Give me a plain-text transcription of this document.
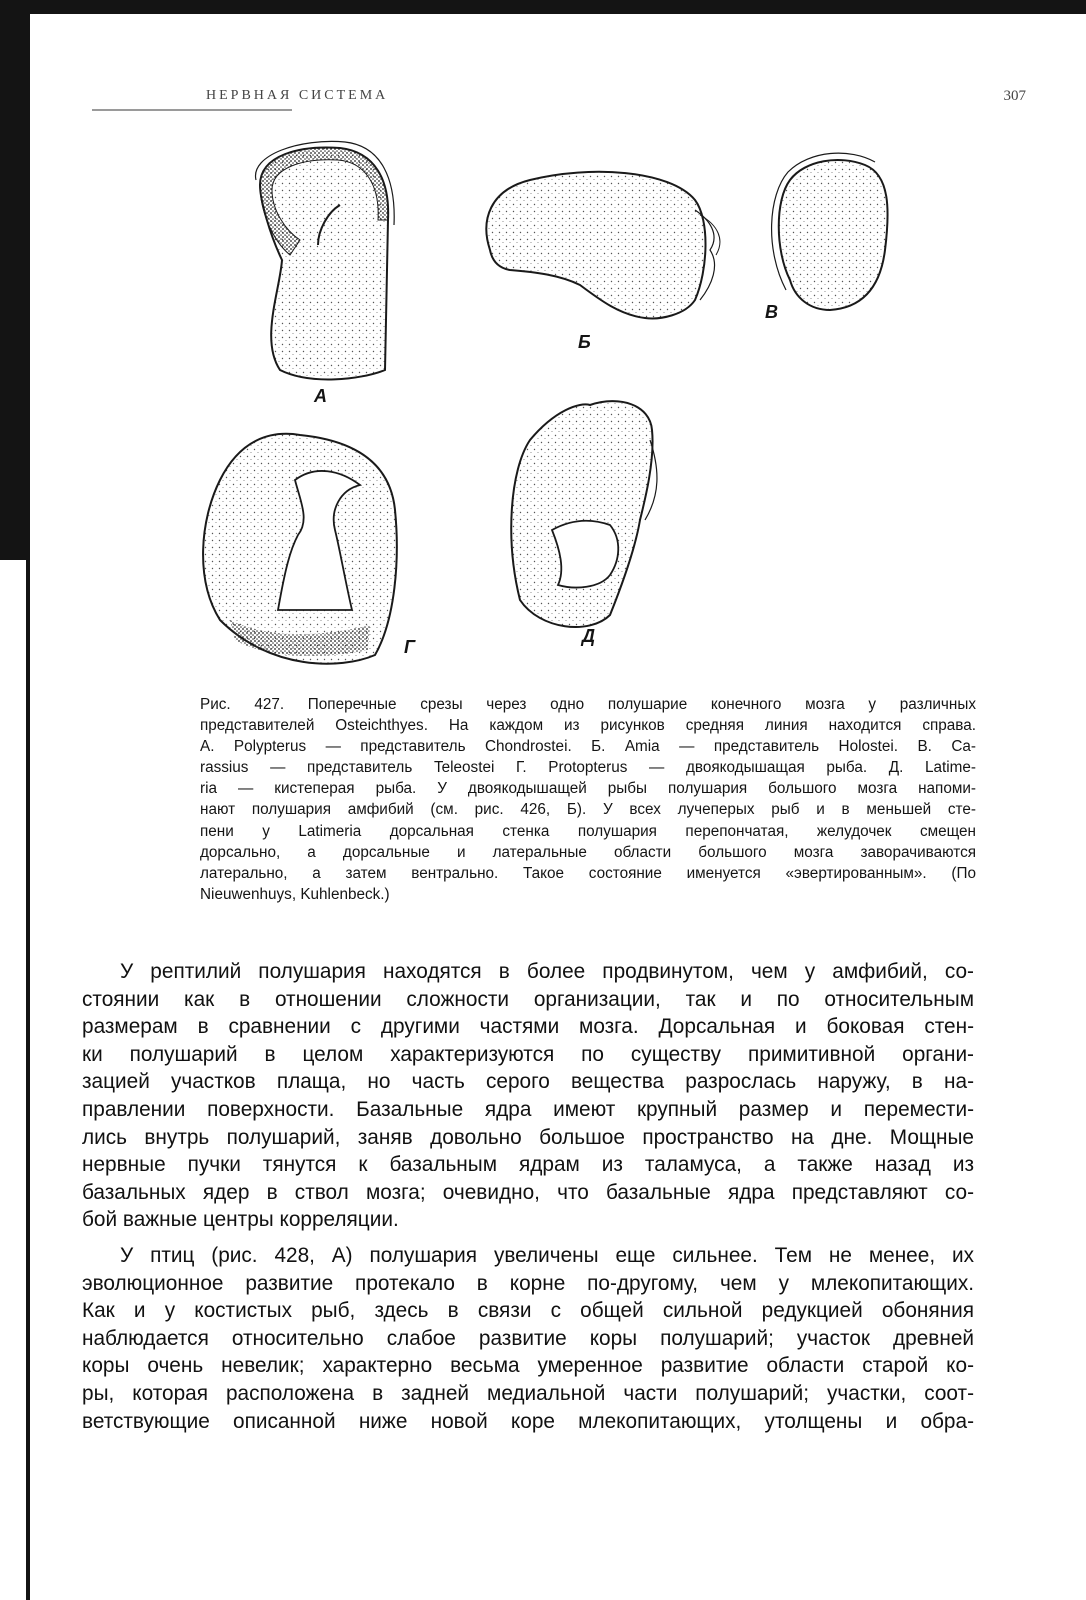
НЕРВНАЯ СИСТЕМА	307
А
Б
В
Г
Д
Рис. 427. Поперечные срезы через одно полушарие конечного мозга у различных
представителей Osteichthyes. На каждом из рисунков средняя линия находится справа.
А. Polypterus — представитель Chondrostei. Б. Amia — представитель Holostei. В. Ca-
rassius — представитель Teleostei Г. Protopterus — двоякодышащая рыба. Д. Latime-
ria — кистеперая рыба. У двоякодышащей рыбы полушария большого мозга напоми-
нают полушария амфибий (см. рис. 426, Б). У всех лучеперых рыб и в меньшей сте-
пени у Latimeria дорсальная стенка полушария перепончатая, желудочек смещен
дорсально, а дорсальные и латеральные области большого мозга заворачиваются
латерально, а затем вентрально. Такое состояние именуется «эвертированным». (По
Nieuwenhuys, Kuhlenbeck.)
У рептилий полушария находятся в более продвинутом, чем у амфибий, со-
стоянии как в отношении сложности организации, так и по относительным
размерам в сравнении с другими частями мозга. Дорсальная и боковая стен-
ки полушарий в целом характеризуются по существу примитивной органи-
зацией участков плаща, но часть серого вещества разрослась наружу, в на-
правлении поверхности. Базальные ядра имеют крупный размер и перемести-
лись внутрь полушарий, заняв довольно большое пространство на дне. Мощные
нервные пучки тянутся к базальным ядрам из таламуса, а также назад из
базальных ядер в ствол мозга; очевидно, что базальные ядра представляют со-
бой важные центры корреляции.
У птиц (рис. 428, А) полушария увеличены еще сильнее. Тем не менее, их
эволюционное развитие протекало в корне по-другому, чем у млекопитающих.
Как и у костистых рыб, здесь в связи с общей сильной редукцией обоняния
наблюдается относительно слабое развитие коры полушарий; участок древней
коры очень невелик; характерно весьма умеренное развитие области старой ко-
ры, которая расположена в задней медиальной части полушарий; участки, соот-
ветствующие описанной ниже новой коре млекопитающих, утолщены и обра-
